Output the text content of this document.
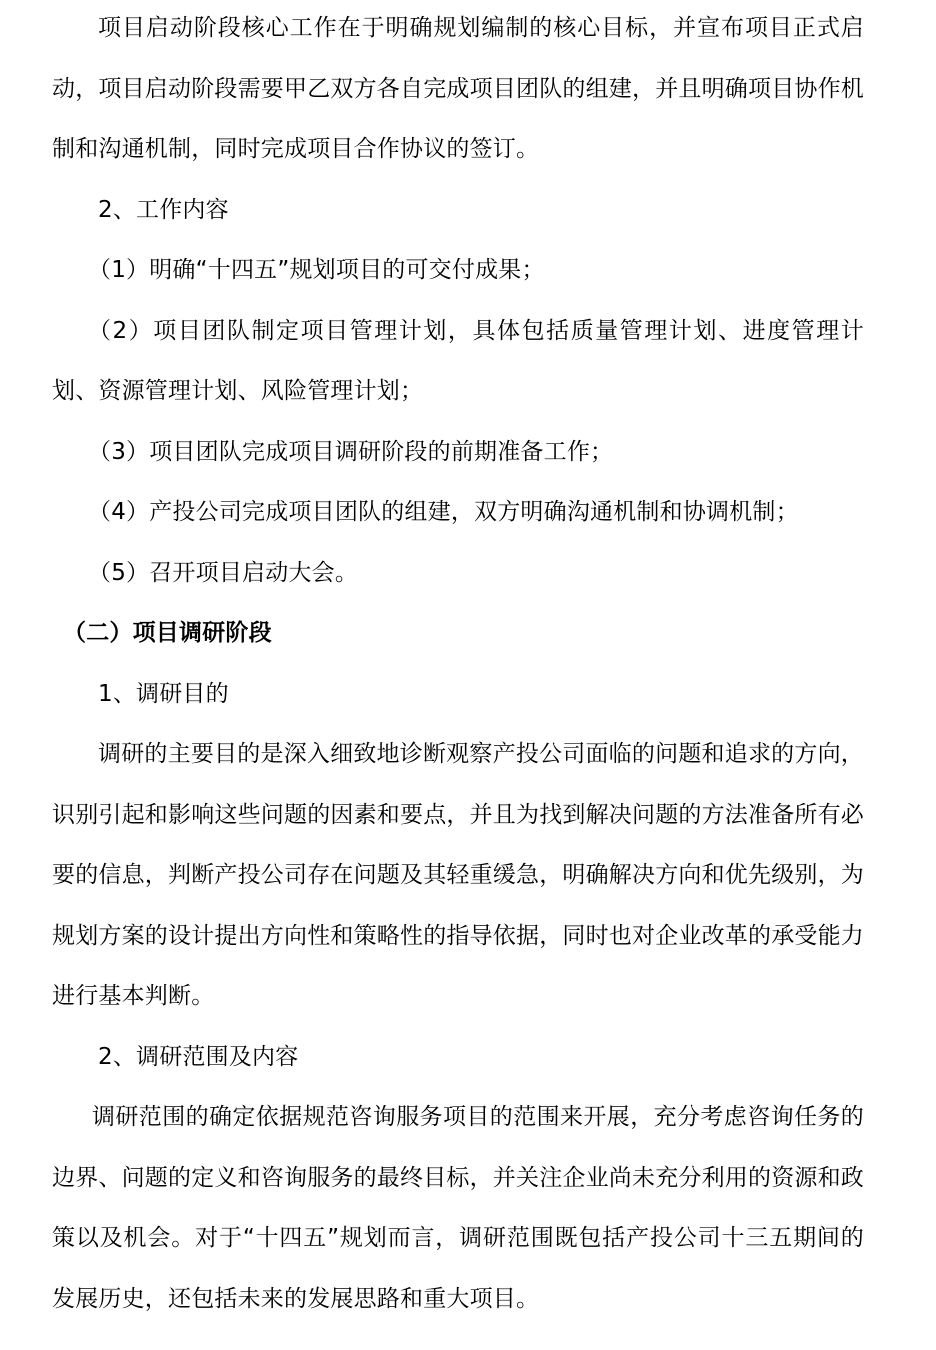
项目启动阶段核心工作在于明确规划编制的核心目标，并宣布项目正式启动，项目启动阶段需要甲乙双方各自完成项目团队的组建，并且明确项目协作机制和沟通机制，同时完成项目合作协议的签订。

2、工作内容

（1）明确“十四五”规划项目的可交付成果；

（2）项目团队制定项目管理计划，具体包括质量管理计划、进度管理计划、资源管理计划、风险管理计划；

（3）项目团队完成项目调研阶段的前期准备工作；

（4）产投公司完成项目团队的组建，双方明确沟通机制和协调机制；

（5）召开项目启动大会。

（二）项目调研阶段

1、调研目的

调研的主要目的是深入细致地诊断观察产投公司面临的问题和追求的方向，识别引起和影响这些问题的因素和要点，并且为找到解决问题的方法准备所有必要的信息，判断产投公司存在问题及其轻重缓急，明确解决方向和优先级别，为规划方案的设计提出方向性和策略性的指导依据，同时也对企业改革的承受能力进行基本判断。

2、调研范围及内容

调研范围的确定依据规范咨询服务项目的范围来开展，充分考虑咨询任务的边界、问题的定义和咨询服务的最终目标，并关注企业尚未充分利用的资源和政策以及机会。对于“十四五”规划而言，调研范围既包括产投公司十三五期间的发展历史，还包括未来的发展思路和重大项目。
